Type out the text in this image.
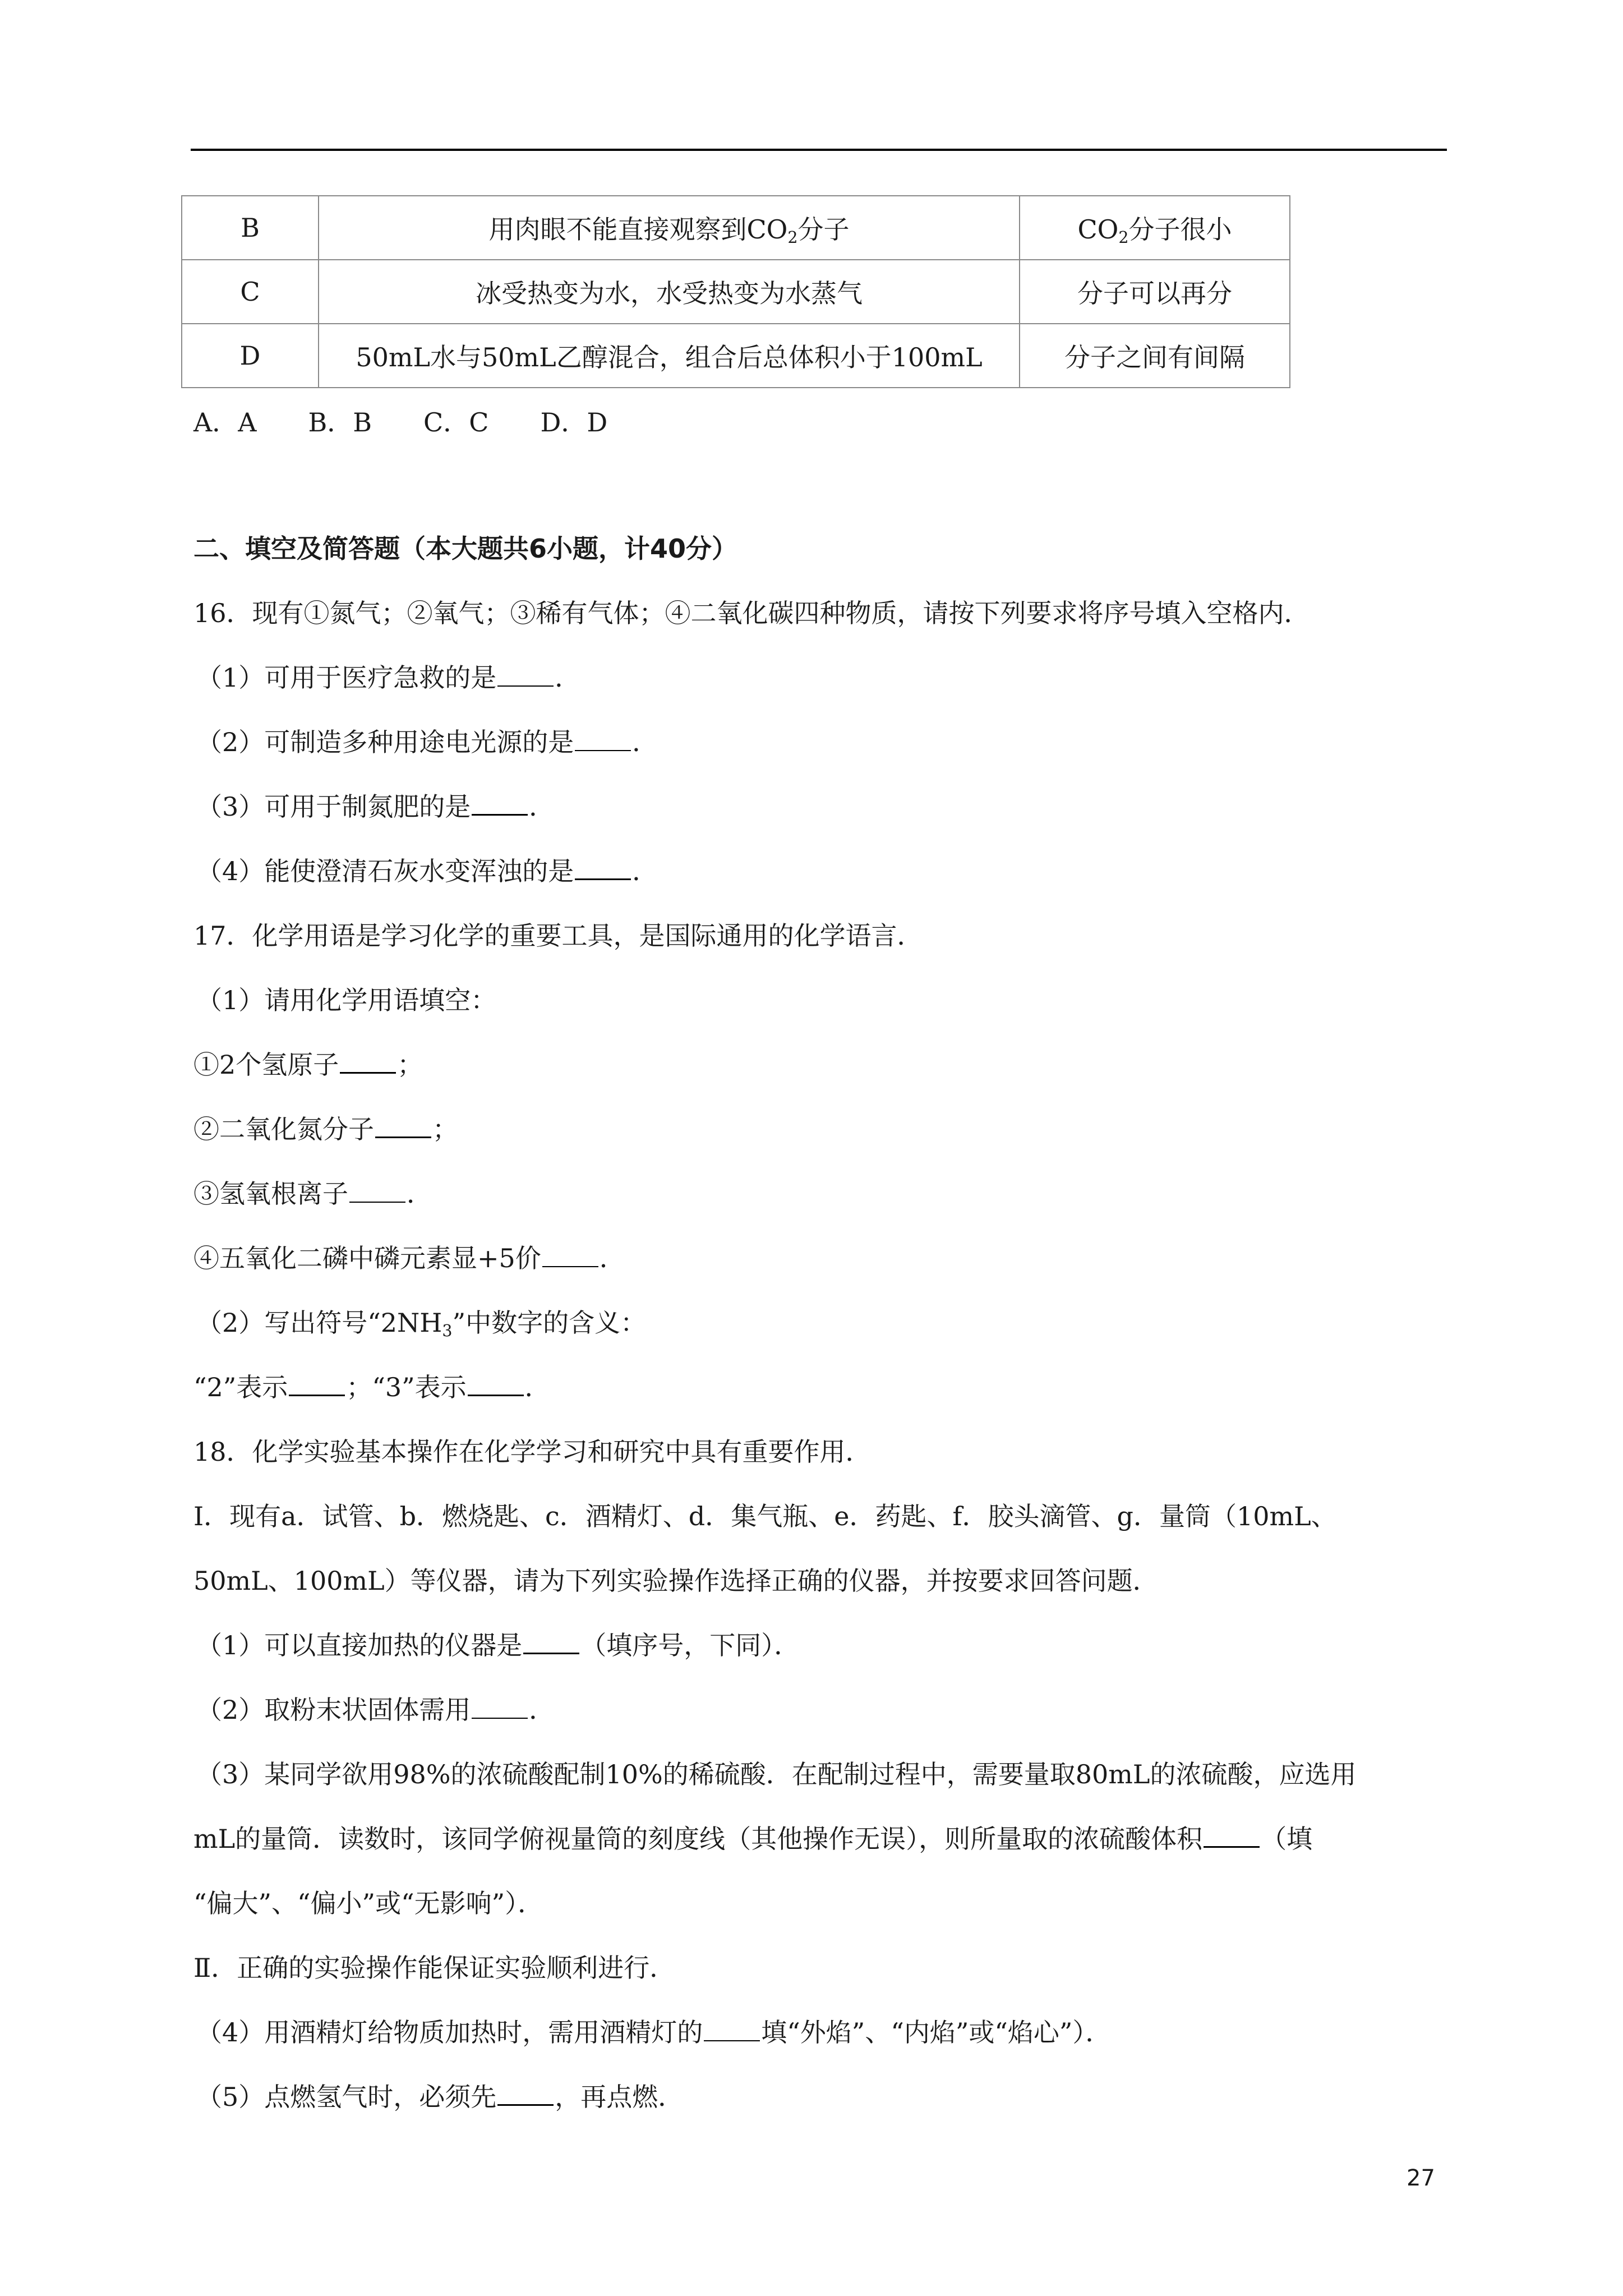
B	用肉眼不能直接观察到$CO_2$分子	$CO_2$分子很小
C	冰受热变为水，水受热变为水蒸气	分子可以再分
D	50mL水与50mL乙醇混合，组合后总体积小于100mL	分子之间有间隔
A．A　　B．B　　C．C　　D．D
二、填空及简答题（本大题共6小题，计40分）
16．现有①氮气；②氧气；③稀有气体；④二氧化碳四种物质，请按下列要求将序号填入空格内．
（1）可用于医疗急救的是 ．
（2）可制造多种用途电光源的是 ．
（3）可用于制氮肥的是 ．
（4）能使澄清石灰水变浑浊的是 ．
17．化学用语是学习化学的重要工具，是国际通用的化学语言．
（1）请用化学用语填空：
①2个氢原子 ；
②二氧化氮分子 ；
③氢氧根离子 ．
④五氧化二磷中磷元素显+5价 ．
（2）写出符号“$2NH_3$”中数字的含义：
“2”表示 ；“3”表示 ．
18．化学实验基本操作在化学学习和研究中具有重要作用．
I．现有a．试管、b．燃烧匙、c．酒精灯、d．集气瓶、e．药匙、f．胶头滴管、g．量筒（10mL、
50mL、100mL）等仪器，请为下列实验操作选择正确的仪器，并按要求回答问题．
（1）可以直接加热的仪器是 （填序号，下同）．
（2）取粉末状固体需用 ．
（3）某同学欲用98%的浓硫酸配制10%的稀硫酸．在配制过程中，需要量取80mL的浓硫酸，应选用
mL的量筒．读数时，该同学俯视量筒的刻度线（其他操作无误），则所量取的浓硫酸体积 （填
“偏大”、“偏小”或“无影响”）．
Ⅱ．正确的实验操作能保证实验顺利进行．
（4）用酒精灯给物质加热时，需用酒精灯的 填“外焰”、“内焰”或“焰心”）．
（5）点燃氢气时，必须先 ，再点燃．
27
